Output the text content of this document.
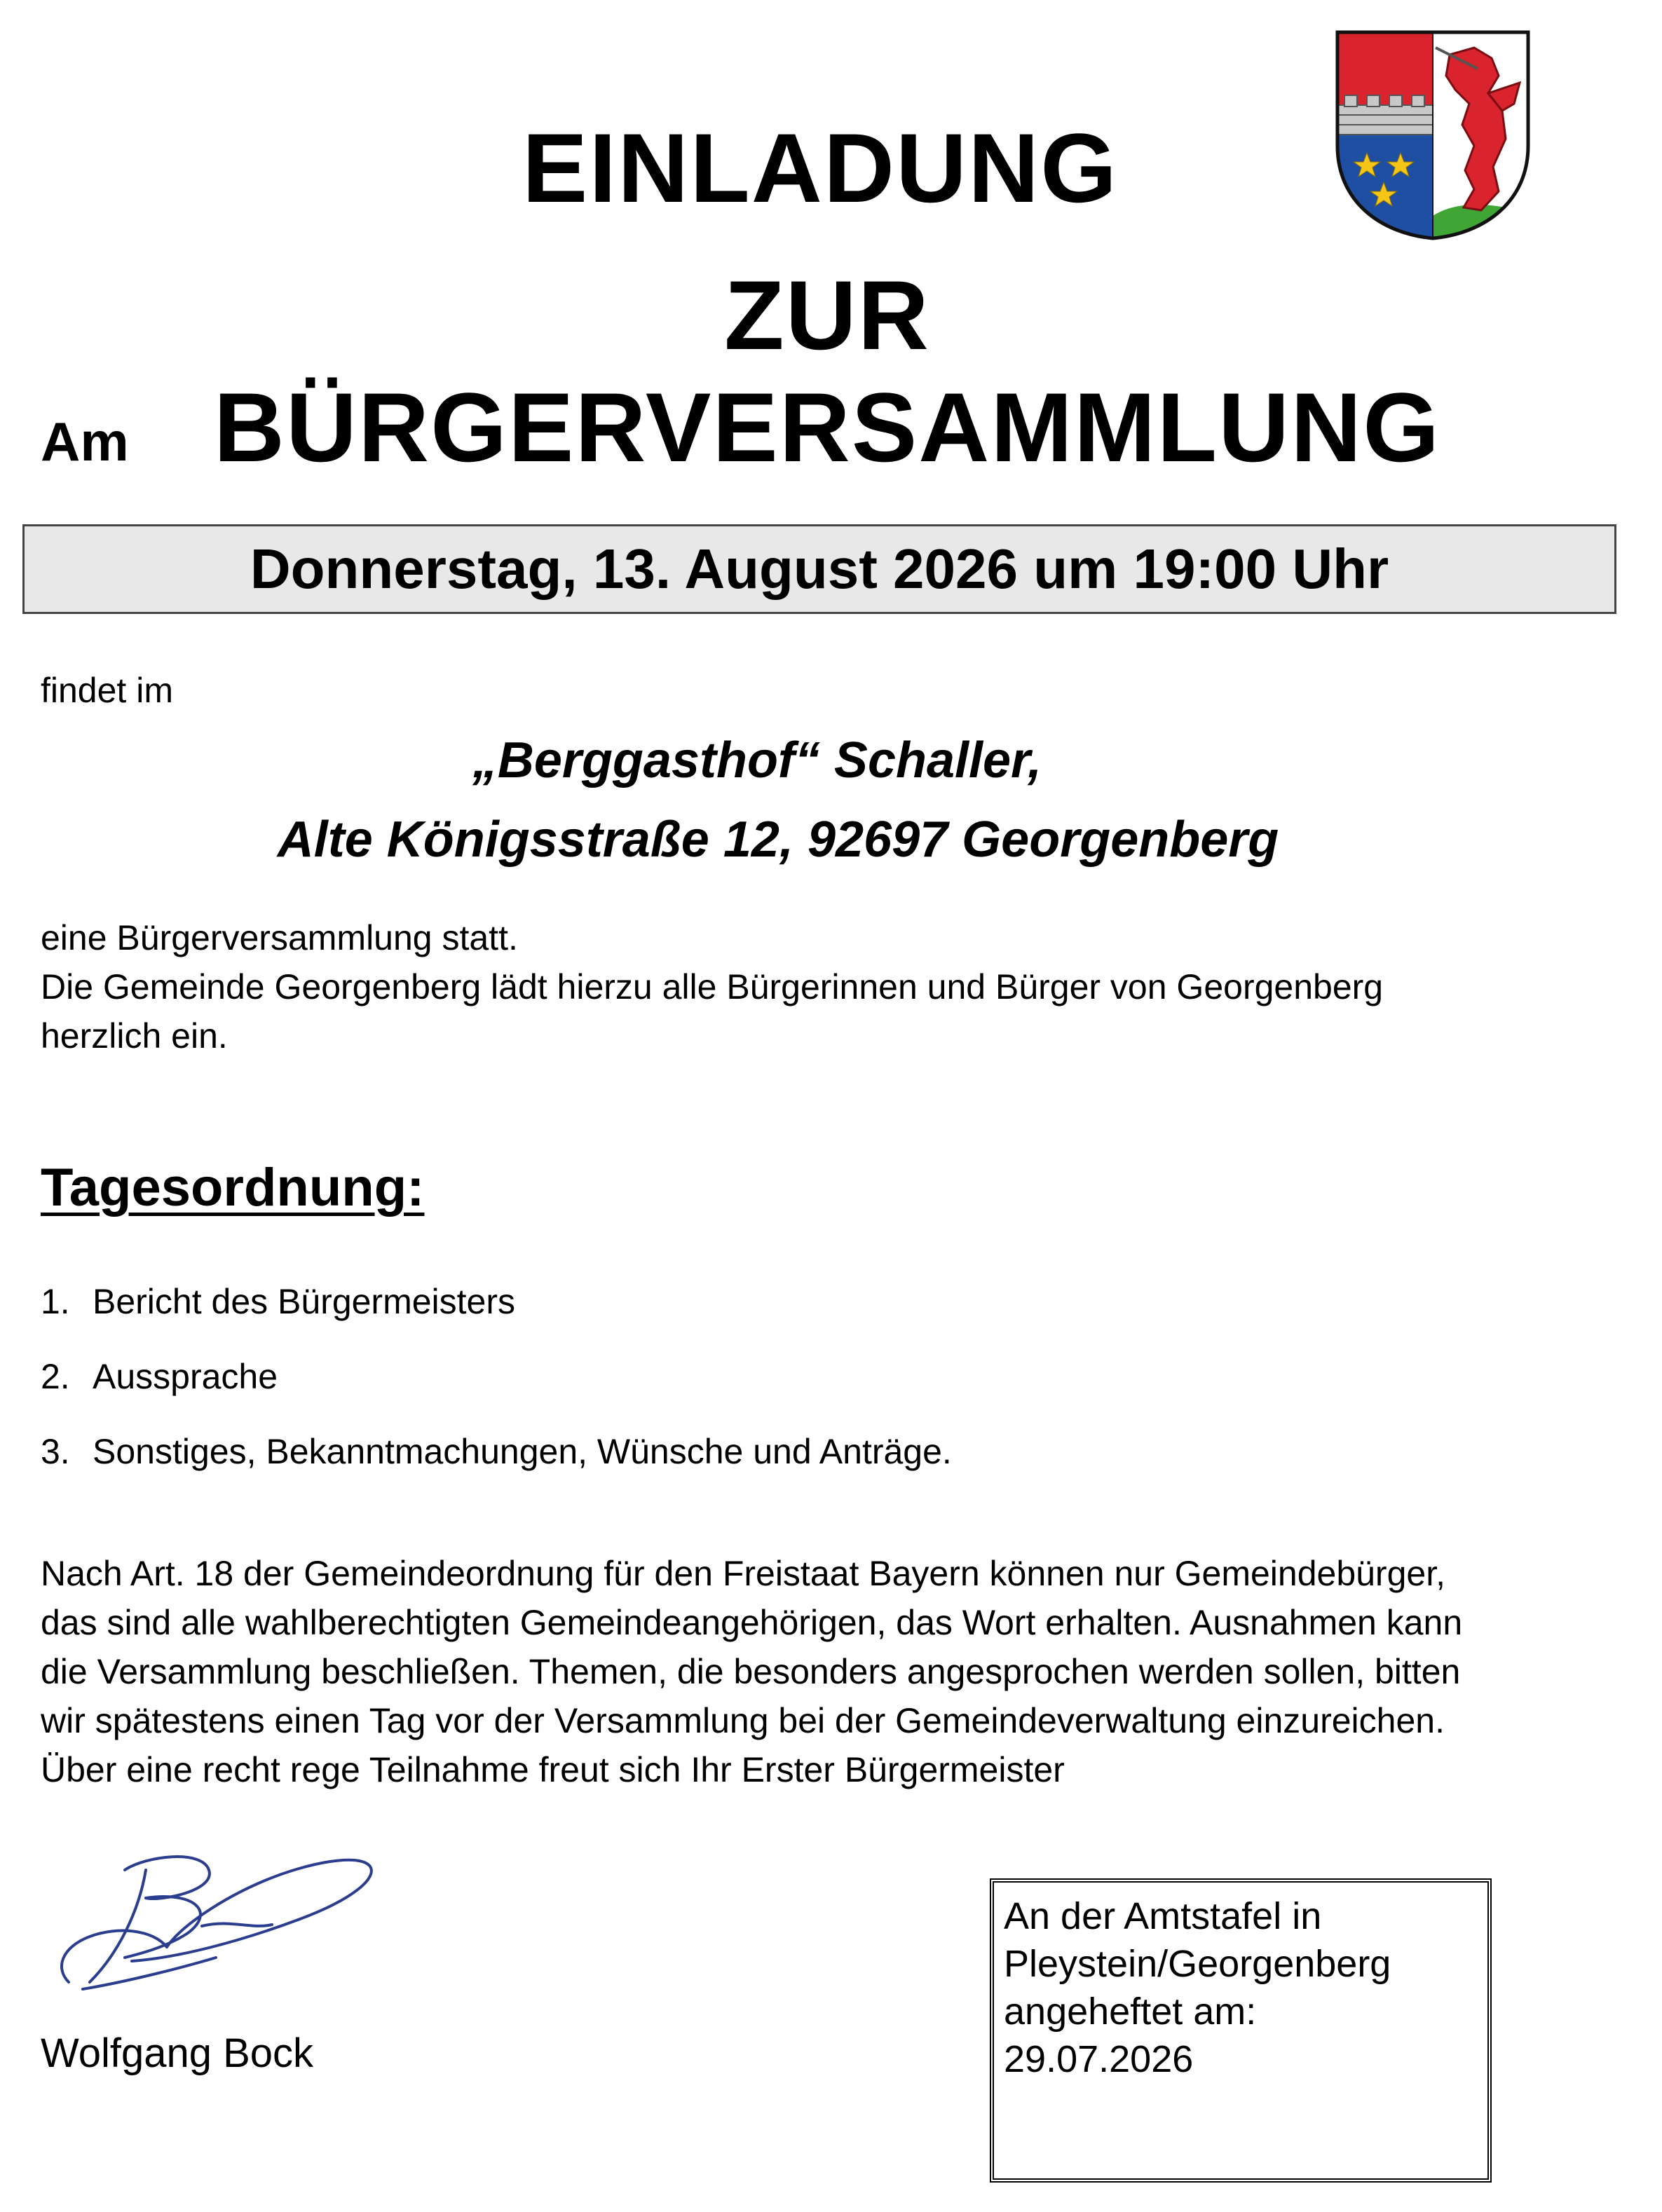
EINLADUNG
ZUR BÜRGERVERSAMMLUNG
Am
Donnerstag, 13. August 2026 um 19:00 Uhr
findet im
„Berggasthof“ Schaller,
Alte Königsstraße 12, 92697 Georgenberg

eine Bürgerversammlung statt.

Die Gemeinde Georgenberg lädt hierzu alle Bürgerinnen und Bürger von Georgenberg herzlich ein.

Tagesordnung:
1. Bericht des Bürgermeisters
2. Aussprache
3. Sonstiges, Bekanntmachungen, Wünsche und Anträge.

Nach Art. 18 der Gemeindeordnung für den Freistaat Bayern können nur Gemeindebürger,

das sind alle wahlberechtigten Gemeindeangehörigen, das Wort erhalten. Ausnahmen kann

die Versammlung beschließen. Themen, die besonders angesprochen werden sollen, bitten

wir spätestens einen Tag vor der Versammlung bei der Gemeindeverwaltung einzureichen.

Über eine recht rege Teilnahme freut sich Ihr Erster Bürgermeister

Wolfgang Bock
An der Amtstafel in
Pleystein/Georgenberg
angeheftet am:
29.07.2026
